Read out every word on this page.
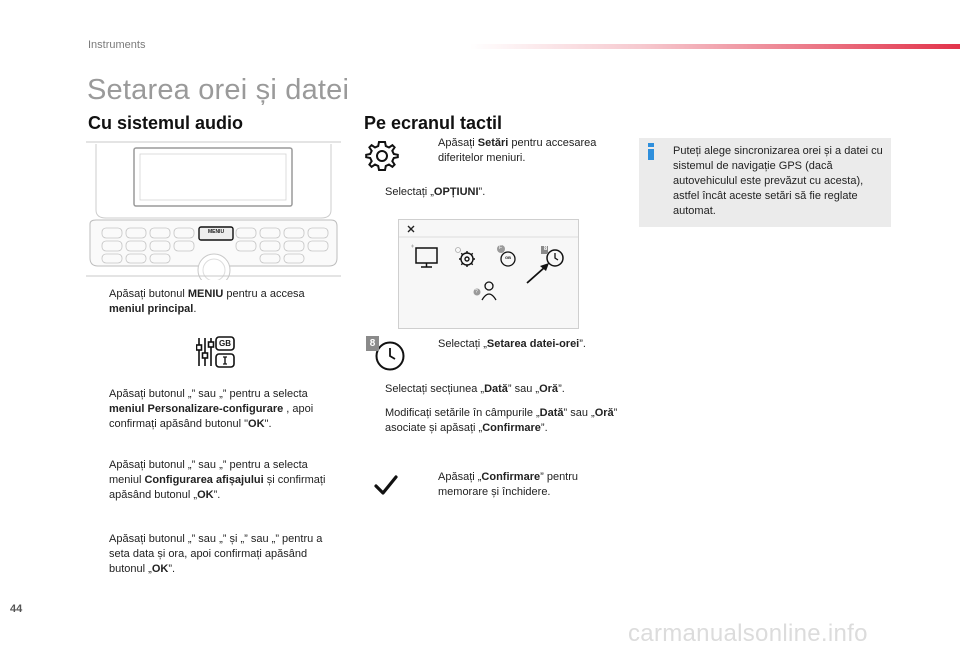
Instruments
Setarea orei și datei
Cu sistemul audio
MENIU
Apăsați butonul MENIU pentru a accesa meniul principal.
GB
Apăsați butonul „” sau „” pentru a selecta meniul Personalizare-configurare , apoi confirmați apăsând butonul "OK".
Apăsați butonul „” sau „” pentru a selecta meniul Configurarea afișajului și confirmați apăsând butonul „OK”.
Apăsați butonul „” sau „” și „” sau „” pentru a seta data și ora, apoi confirmați apăsând butonul „OK”.
Pe ecranul tactil
Apăsați Setări pentru accesarea diferitelor meniuri.
Selectați „OPȚIUNI”.
GB
F	8
?
8	Selectați „Setarea datei-orei”.
Selectați secțiunea „Dată” sau „Oră”.
Modificați setările în câmpurile „Dată” sau „Oră” asociate și apăsați „Confirmare”.
Apăsați „Confirmare” pentru memorare și închidere.
Puteți alege sincronizarea orei și a datei cu sistemul de navigație GPS (dacă autovehiculul este prevăzut cu acesta), astfel încât aceste setări să fie reglate automat.
44
carmanualsonline.info
